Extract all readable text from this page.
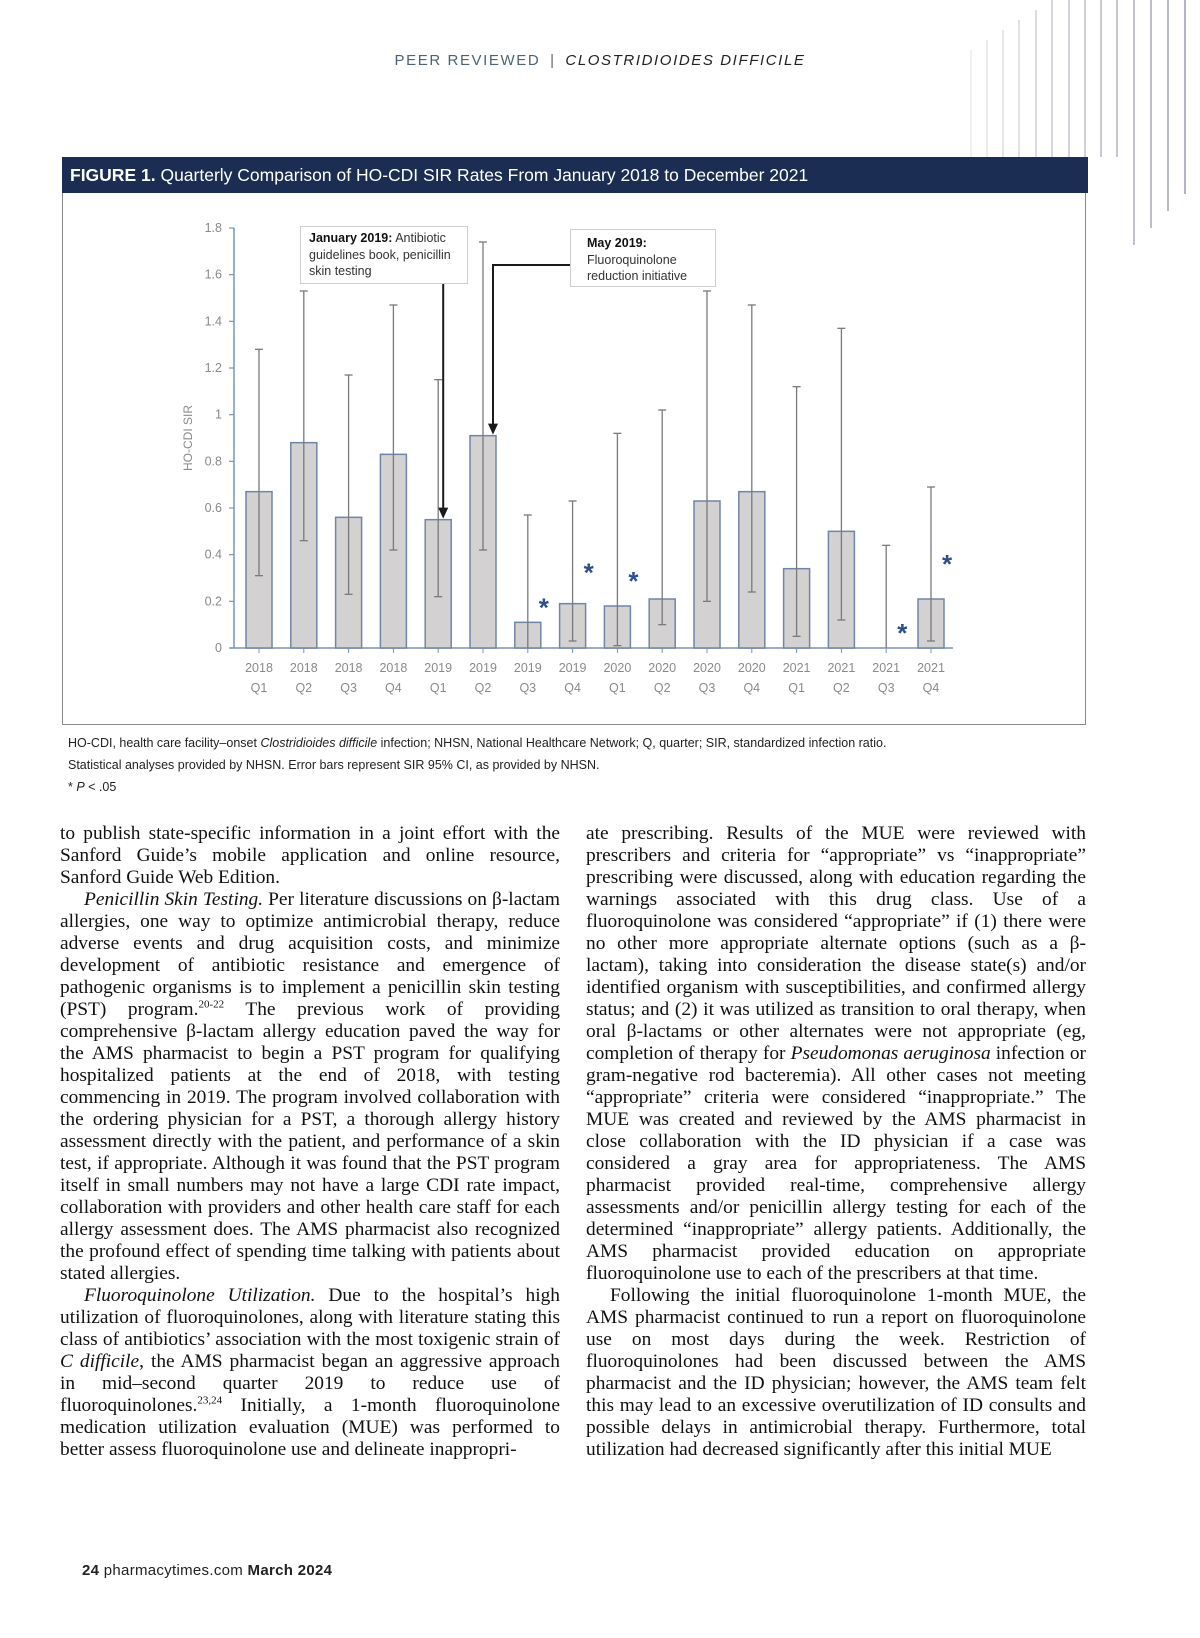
PEER REVIEWED | CLOSTRIDIOIDES DIFFICILE
FIGURE 1. Quarterly Comparison of HO-CDI SIR Rates From January 2018 to December 2021
*
* *
*
*
0
0.2
0.4
0.6
0.8
1
1.2
1.4
1.6
1.8
HO-CDI SIR
2018
Q1
2018
Q2
2018
Q3
2018
Q4
2019
Q1
2019
Q2
2019
Q3
2019
Q4
2020
Q1
2020
Q2
2020
Q3
2020
Q4
2021
Q1
2021
Q2
2021
Q3
2021
Q4
January 2019: Antibiotic guidelines book, penicillin skin testing
May 2019:
Fluoroquinolone reduction initiative
HO-CDI, health care facility–onset Clostridioides difficile infection; NHSN, National Healthcare Network; Q, quarter; SIR, standardized infection ratio.
Statistical analyses provided by NHSN. Error bars represent SIR 95% CI, as provided by NHSN.
* P < .05

to publish state-specific information in a joint effort with the Sanford Guide’s mobile application and online resource, Sanford Guide Web Edition.

Penicillin Skin Testing. Per literature discussions on β-lactam allergies, one way to optimize antimicrobial therapy, reduce adverse events and drug acquisition costs, and minimize development of antibiotic resistance and emergence of pathogenic organisms is to implement a penicillin skin testing (PST) program.$^{20-22}$ The previous work of providing comprehensive β-lactam allergy education paved the way for the AMS pharmacist to begin a PST program for qualifying hospitalized patients at the end of 2018, with testing commencing in 2019. The program involved collaboration with the ordering physician for a PST, a thorough allergy history assessment directly with the patient, and performance of a skin test, if appropriate. Although it was found that the PST program itself in small numbers may not have a large CDI rate impact, collaboration with providers and other health care staff for each allergy assessment does. The AMS pharmacist also recognized the profound effect of spending time talking with patients about stated allergies.

Fluoroquinolone Utilization. Due to the hospital’s high utilization of fluoroquinolones, along with literature stating this class of antibiotics’ association with the most toxigenic strain of C difficile, the AMS pharmacist began an aggressive approach in mid–second quarter 2019 to reduce use of fluoroquinolones.$^{23,24}$ Initially, a 1-month fluoroquinolone medication utilization evaluation (MUE) was performed to better assess fluoroquinolone use and delineate inappropri-

ate prescribing. Results of the MUE were reviewed with prescribers and criteria for “appropriate” vs “inappropriate” prescribing were discussed, along with education regarding the warnings associated with this drug class. Use of a fluoroquinolone was considered “appropriate” if (1) there were no other more appropriate alternate options (such as a β-lactam), taking into consideration the disease state(s) and/or identified organism with susceptibilities, and confirmed allergy status; and (2) it was utilized as transition to oral therapy, when oral β-lactams or other alternates were not appropriate (eg, completion of therapy for Pseudomonas aeruginosa infection or gram-negative rod bacteremia). All other cases not meeting “appropriate” criteria were considered “inappropriate.” The MUE was created and reviewed by the AMS pharmacist in close collaboration with the ID physician if a case was considered a gray area for appropriateness. The AMS pharmacist provided real-time, comprehensive allergy assessments and/or penicillin allergy testing for each of the determined “inappropriate” allergy patients. Additionally, the AMS pharmacist provided education on appropriate fluoroquinolone use to each of the prescribers at that time.

Following the initial fluoroquinolone 1-month MUE, the AMS pharmacist continued to run a report on fluoroquinolone use on most days during the week. Restriction of fluoroquinolones had been discussed between the AMS pharmacist and the ID physician; however, the AMS team felt this may lead to an excessive overutilization of ID consults and possible delays in antimicrobial therapy. Furthermore, total utilization had decreased significantly after this initial MUE

24 pharmacytimes.com March 2024
